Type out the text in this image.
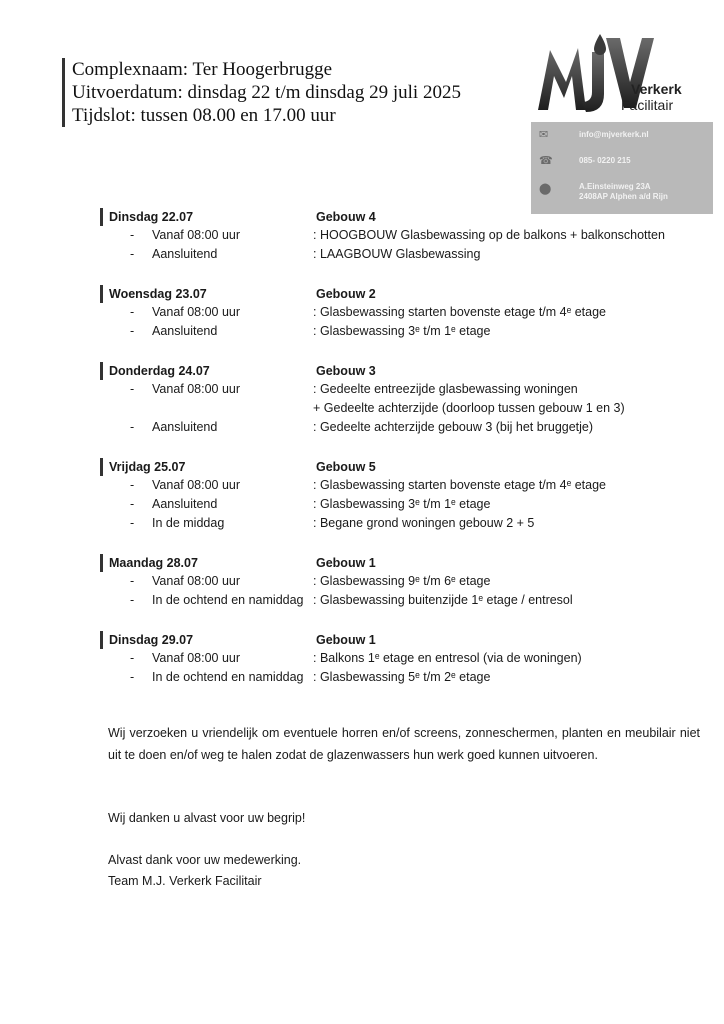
Complexnaam: Ter Hoogerbrugge
Uitvoerdatum: dinsdag 22 t/m dinsdag 29 juli 2025
Tijdslot: tussen 08.00 en 17.00 uur
Verkerk
Facilitair
✉	info@mjverkerk.nl
☎	085- 0220 215
⬤	A.Einsteinweg 23A
2408AP Alphen a/d Rijn
Dinsdag 22.07	Gebouw 4
- Vanaf 08:00 uur	: HOOGBOUW Glasbewassing op de balkons + balkonschotten
- Aansluitend	: LAAGBOUW Glasbewassing
Woensdag 23.07	Gebouw 2
- Vanaf 08:00 uur	: Glasbewassing starten bovenste etage t/m 4ᵉ etage
- Aansluitend	: Glasbewassing 3ᵉ t/m 1ᵉ etage
Donderdag 24.07	Gebouw 3
- Vanaf 08:00 uur	: Gedeelte entreezijde glasbewassing woningen
+ Gedeelte achterzijde (doorloop tussen gebouw 1 en 3)
- Aansluitend	: Gedeelte achterzijde gebouw 3 (bij het bruggetje)
Vrijdag 25.07	Gebouw 5
- Vanaf 08:00 uur	: Glasbewassing starten bovenste etage t/m 4ᵉ etage
- Aansluitend	: Glasbewassing 3ᵉ t/m 1ᵉ etage
- In de middag	: Begane grond woningen gebouw 2 + 5
Maandag 28.07	Gebouw 1
- Vanaf 08:00 uur	: Glasbewassing 9ᵉ t/m 6ᵉ etage
- In de ochtend en namiddag : Glasbewassing buitenzijde 1ᵉ etage / entresol
Dinsdag 29.07	Gebouw 1
- Vanaf 08:00 uur	: Balkons 1ᵉ etage en entresol (via de woningen)
- In de ochtend en namiddag : Glasbewassing 5ᵉ t/m 2ᵉ etage
Wij verzoeken u vriendelijk om eventuele horren en/of screens, zonneschermen, planten en meubilair niet uit te doen en/of weg te halen zodat de glazenwassers hun werk goed kunnen uitvoeren.
Wij danken u alvast voor uw begrip!
Alvast dank voor uw medewerking.
Team M.J. Verkerk Facilitair
